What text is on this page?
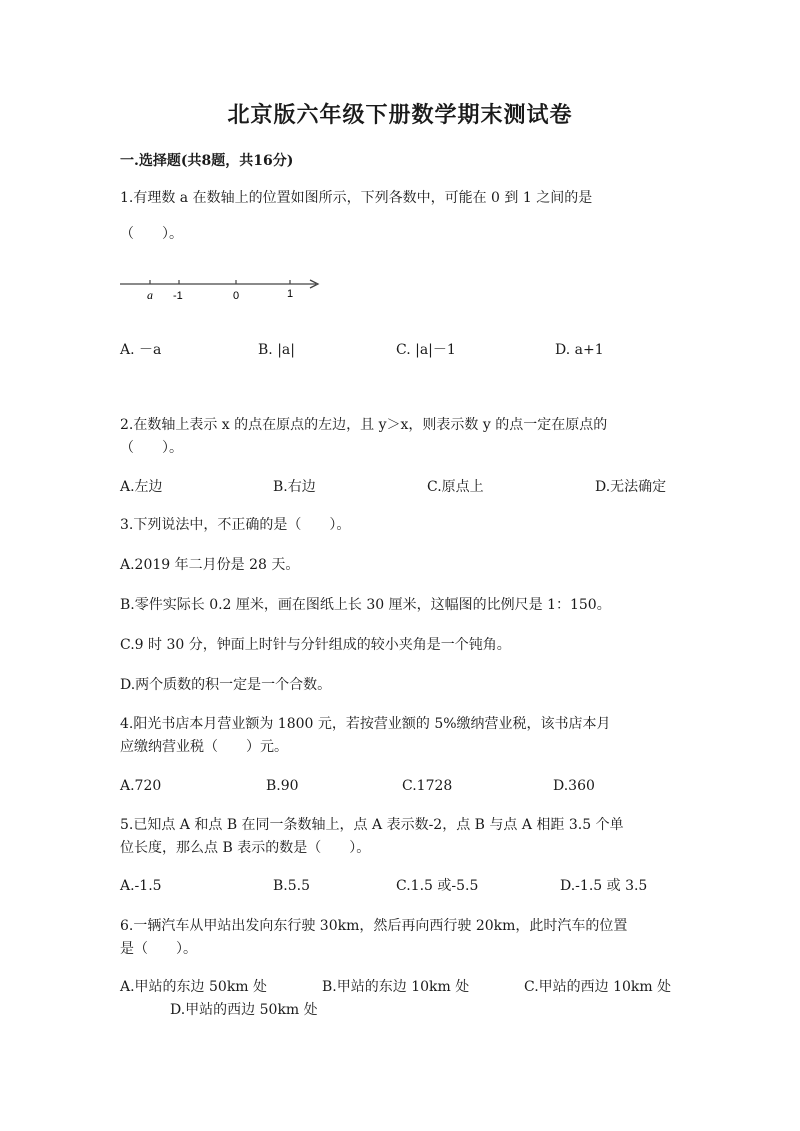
北京版六年级下册数学期末测试卷
一.选择题(共8题，共16分)
1.有理数 a 在数轴上的位置如图所示，下列各数中，可能在 0 到 1 之间的是
（　　）。
a -1	0	1
A. －a	B. |a|	C. |a|－1	D. a+1
2.在数轴上表示 x 的点在原点的左边，且 y＞x，则表示数 y 的点一定在原点的
（　　）。
A.左边	B.右边	C.原点上	D.无法确定
3.下列说法中，不正确的是（　　）。
A.2019 年二月份是 28 天。
B.零件实际长 0.2 厘米，画在图纸上长 30 厘米，这幅图的比例尺是 1：150。
C.9 时 30 分，钟面上时针与分针组成的较小夹角是一个钝角。
D.两个质数的积一定是一个合数。
4.阳光书店本月营业额为 1800 元，若按营业额的 5%缴纳营业税，该书店本月
应缴纳营业税（　　）元。
A.720	B.90	C.1728	D.360
5.已知点 A 和点 B 在同一条数轴上，点 A 表示数-2，点 B 与点 A 相距 3.5 个单
位长度，那么点 B 表示的数是（　　）。
A.-1.5	B.5.5	C.1.5 或-5.5	D.-1.5 或 3.5
6.一辆汽车从甲站出发向东行驶 30km，然后再向西行驶 20km，此时汽车的位置
是（　　）。
A.甲站的东边 50km 处	B.甲站的东边 10km 处	C.甲站的西边 10km 处
D.甲站的西边 50km 处
